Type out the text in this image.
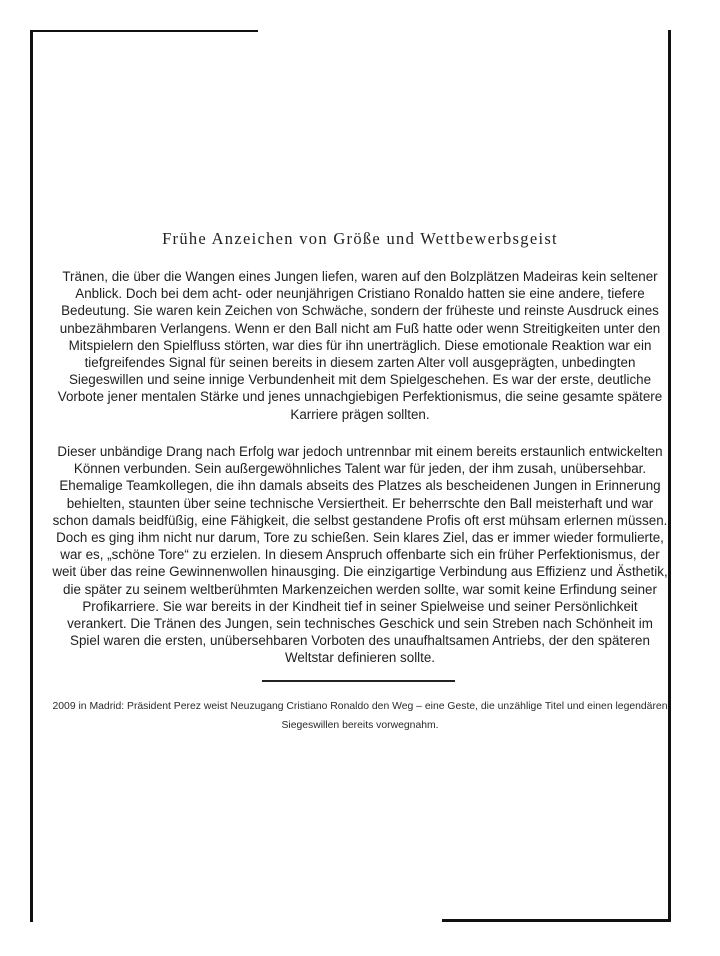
Frühe Anzeichen von Größe und Wettbewerbsgeist

Tränen, die über die Wangen eines Jungen liefen, waren auf den Bolzplätzen Madeiras kein seltener Anblick. Doch bei dem acht- oder neunjährigen Cristiano Ronaldo hatten sie eine andere, tiefere Bedeutung. Sie waren kein Zeichen von Schwäche, sondern der früheste und reinste Ausdruck eines unbezähmbaren Verlangens. Wenn er den Ball nicht am Fuß hatte oder wenn Streitigkeiten unter den Mitspielern den Spielfluss störten, war dies für ihn unerträglich. Diese emotionale Reaktion war ein tiefgreifendes Signal für seinen bereits in diesem zarten Alter voll ausgeprägten, unbedingten Siegeswillen und seine innige Verbundenheit mit dem Spielgeschehen. Es war der erste, deutliche Vorbote jener mentalen Stärke und jenes unnachgiebigen Perfektionismus, die seine gesamte spätere Karriere prägen sollten.

Dieser unbändige Drang nach Erfolg war jedoch untrennbar mit einem bereits erstaunlich entwickelten Können verbunden. Sein außergewöhnliches Talent war für jeden, der ihm zusah, unübersehbar. Ehemalige Teamkollegen, die ihn damals abseits des Platzes als bescheidenen Jungen in Erinnerung behielten, staunten über seine technische Versiertheit. Er beherrschte den Ball meisterhaft und war schon damals beidfüßig, eine Fähigkeit, die selbst gestandene Profis oft erst mühsam erlernen müssen. Doch es ging ihm nicht nur darum, Tore zu schießen. Sein klares Ziel, das er immer wieder formulierte, war es, „schöne Tore“ zu erzielen. In diesem Anspruch offenbarte sich ein früher Perfektionismus, der weit über das reine Gewinnenwollen hinausging. Die einzigartige Verbindung aus Effizienz und Ästhetik, die später zu seinem weltberühmten Markenzeichen werden sollte, war somit keine Erfindung seiner Profikarriere. Sie war bereits in der Kindheit tief in seiner Spielweise und seiner Persönlichkeit verankert. Die Tränen des Jungen, sein technisches Geschick und sein Streben nach Schönheit im Spiel waren die ersten, unübersehbaren Vorboten des unaufhaltsamen Antriebs, der den späteren Weltstar definieren sollte.

2009 in Madrid: Präsident Perez weist Neuzugang Cristiano Ronaldo den Weg – eine Geste, die unzählige Titel und einen legendären Siegeswillen bereits vorwegnahm.
